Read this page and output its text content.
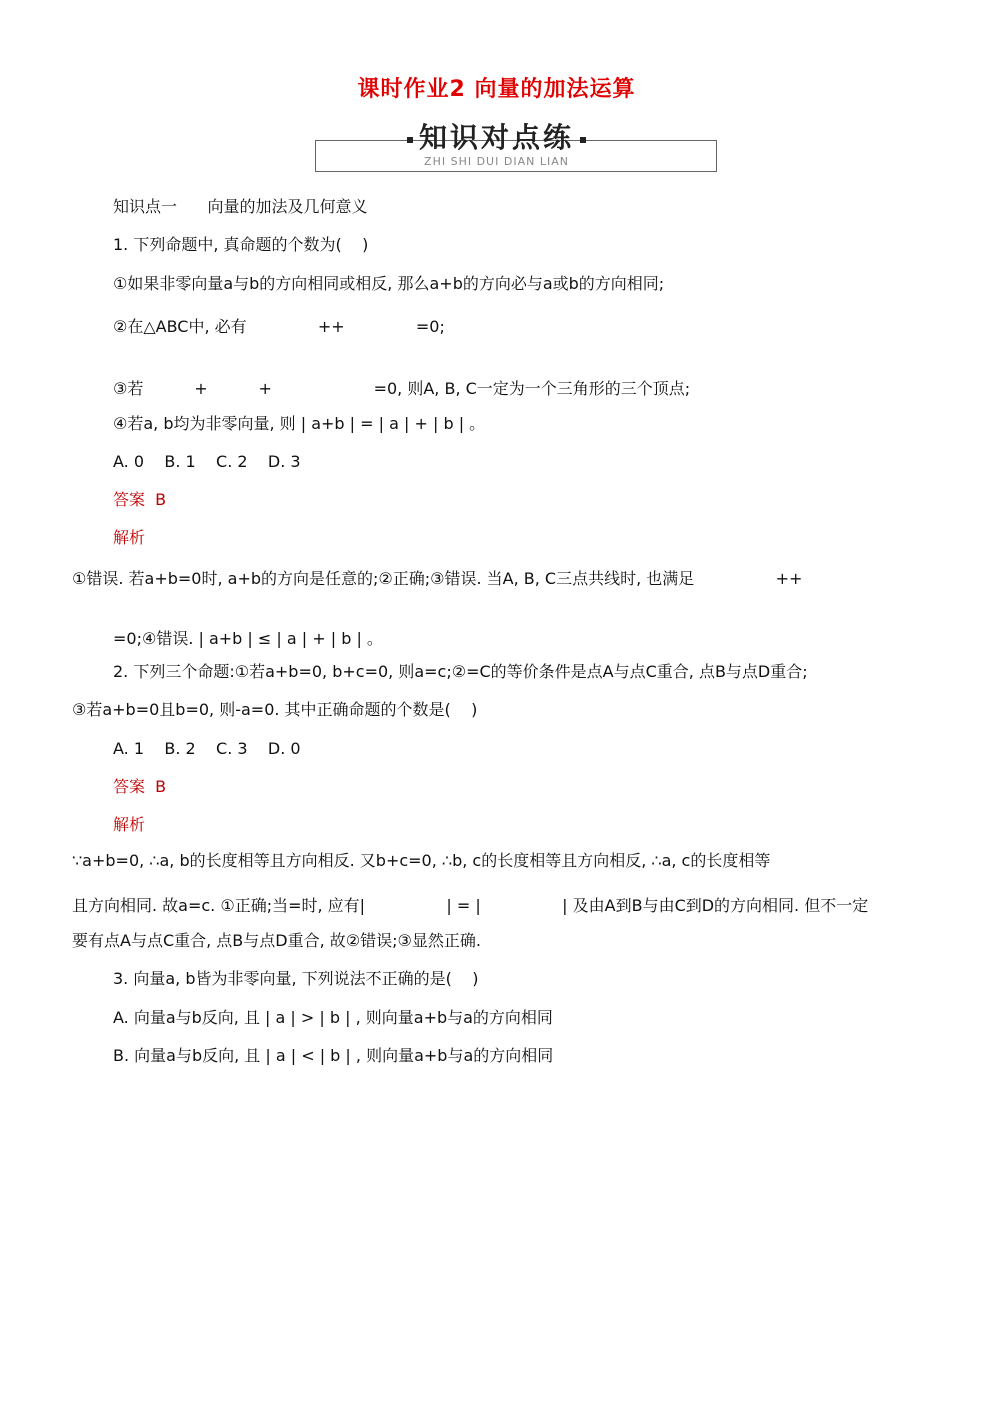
课时作业2 向量的加法运算
知识对点练
ZHI SHI DUI DIAN LIAN
知识点一      向量的加法及几何意义
1. 下列命题中, 真命题的个数为(    )
①如果非零向量a与b的方向相同或相反, 那么a+b的方向必与a或b的方向相同;
②在△ABC中, 必有              ++              =0;
③若          +          +                    =0, 则A, B, C一定为一个三角形的三个顶点;
④若a, b均为非零向量, 则 | a+b | = | a | + | b | 。
A. 0    B. 1    C. 2    D. 3
答案  B
解析
①错误. 若a+b=0时, a+b的方向是任意的;②正确;③错误. 当A, B, C三点共线时, 也满足                ++
=0;④错误. | a+b | ≤ | a | + | b | 。
2. 下列三个命题:①若a+b=0, b+c=0, 则a=c;②=C的等价条件是点A与点C重合, 点B与点D重合;
③若a+b=0且b=0, 则-a=0. 其中正确命题的个数是(    )
A. 1    B. 2    C. 3    D. 0
答案  B
解析
∵a+b=0, ∴a, b的长度相等且方向相反. 又b+c=0, ∴b, c的长度相等且方向相反, ∴a, c的长度相等
且方向相同. 故a=c. ①正确;当=时, 应有|                | = |                | 及由A到B与由C到D的方向相同. 但不一定
要有点A与点C重合, 点B与点D重合, 故②错误;③显然正确.
3. 向量a, b皆为非零向量, 下列说法不正确的是(    )
A. 向量a与b反向, 且 | a | > | b | , 则向量a+b与a的方向相同
B. 向量a与b反向, 且 | a | < | b | , 则向量a+b与a的方向相同
